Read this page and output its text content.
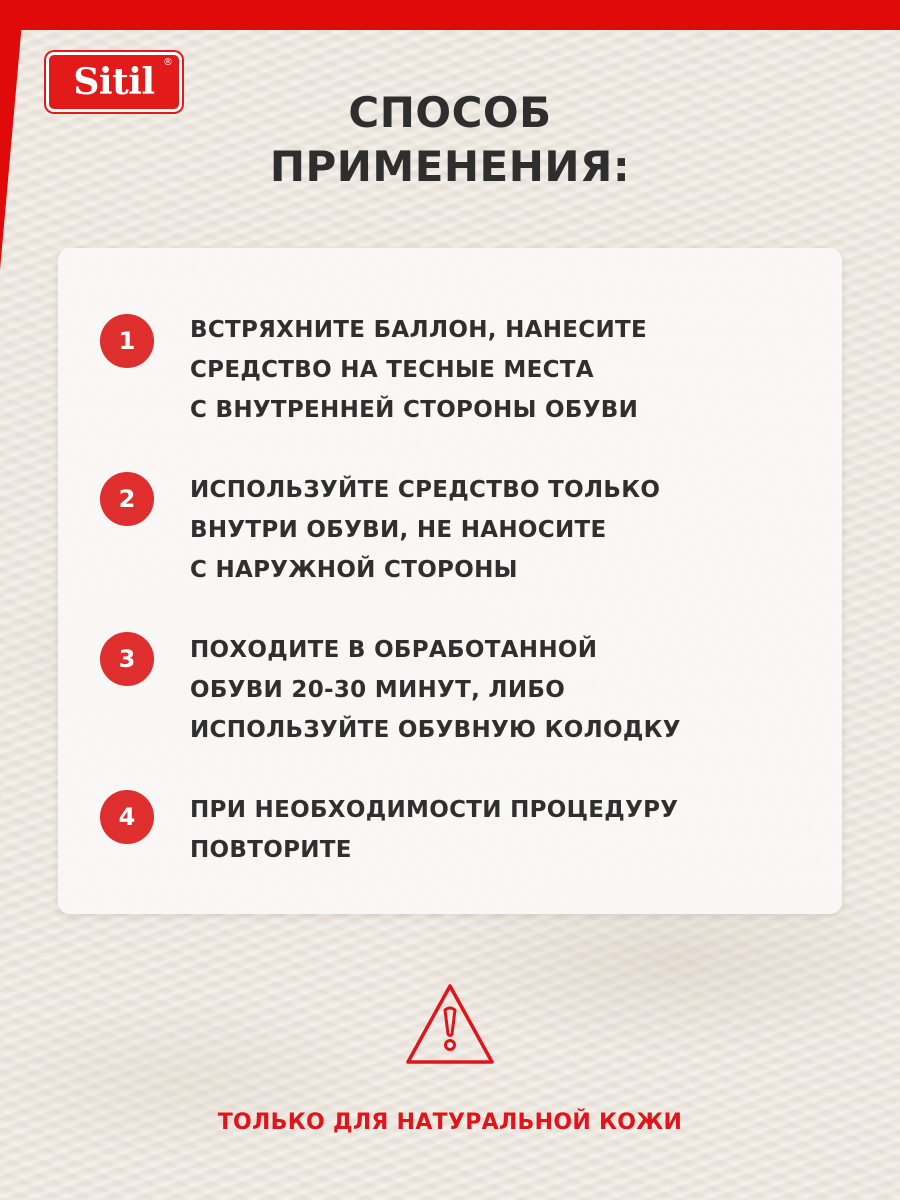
Sitil ®
СПОСОБ
ПРИМЕНЕНИЯ:
1	ВСТРЯХНИТЕ БАЛЛОН, НАНЕСИТЕ
СРЕДСТВО НА ТЕСНЫЕ МЕСТА
С ВНУТРЕННЕЙ СТОРОНЫ ОБУВИ
2	ИСПОЛЬЗУЙТЕ СРЕДСТВО ТОЛЬКО
ВНУТРИ ОБУВИ, НЕ НАНОСИТЕ
С НАРУЖНОЙ СТОРОНЫ
3	ПОХОДИТЕ В ОБРАБОТАННОЙ
ОБУВИ 20-30 МИНУТ, ЛИБО
ИСПОЛЬЗУЙТЕ ОБУВНУЮ КОЛОДКУ
4	ПРИ НЕОБХОДИМОСТИ ПРОЦЕДУРУ
ПОВТОРИТЕ
ТОЛЬКО ДЛЯ НАТУРАЛЬНОЙ КОЖИ
